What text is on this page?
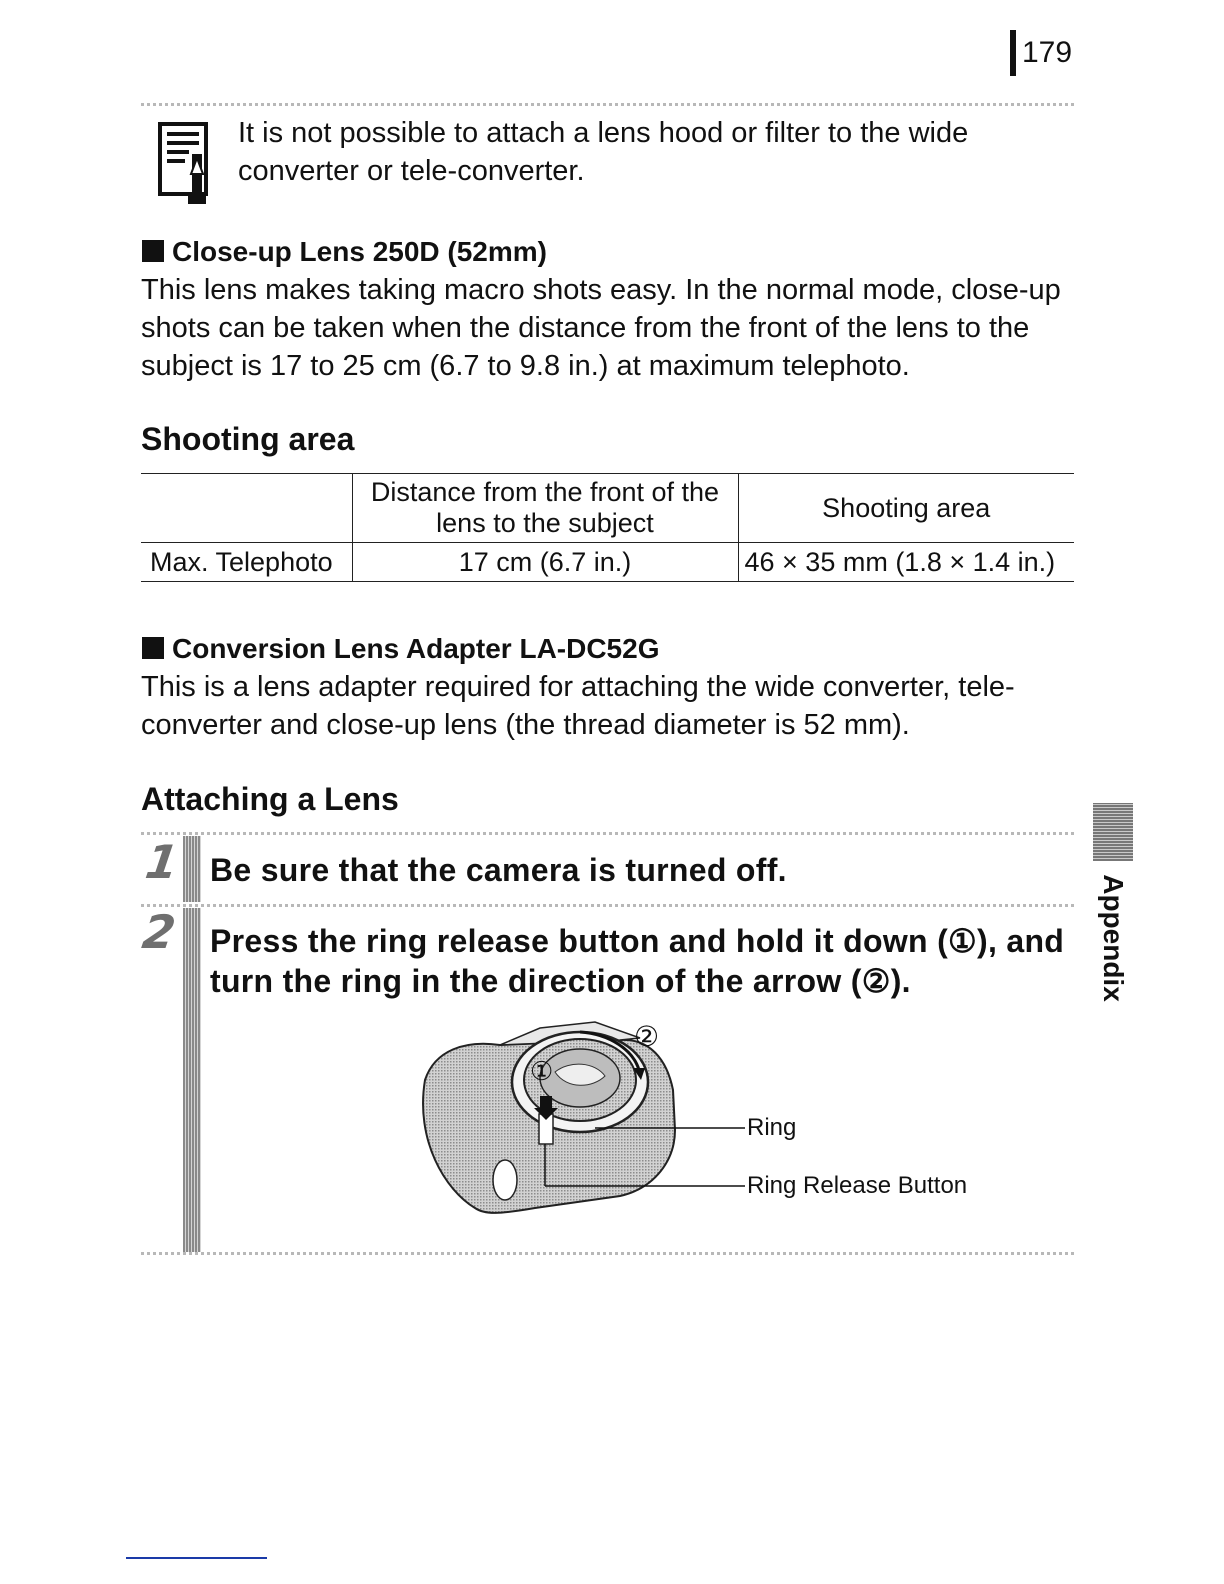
179
It is not possible to attach a lens hood or filter to the wide converter or tele-converter.
Close-up Lens 250D (52mm)
This lens makes taking macro shots easy. In the normal mode, close-up shots can be taken when the distance from the front of the lens to the subject is 17 to 25 cm (6.7 to 9.8 in.) at maximum telephoto.
Shooting area
	Distance from the front of the lens to the subject	Shooting area
Max. Telephoto	17 cm (6.7 in.)	46 × 35 mm (1.8 × 1.4 in.)
Conversion Lens Adapter LA-DC52G
This is a lens adapter required for attaching the wide converter, tele-converter and close-up lens (the thread diameter is 52 mm).
Attaching a Lens
1 Be sure that the camera is turned off.
2 Press the ring release button and hold it down (①), and turn the ring in the direction of the arrow (②).
①
②
Ring
Ring Release Button
Appendix
